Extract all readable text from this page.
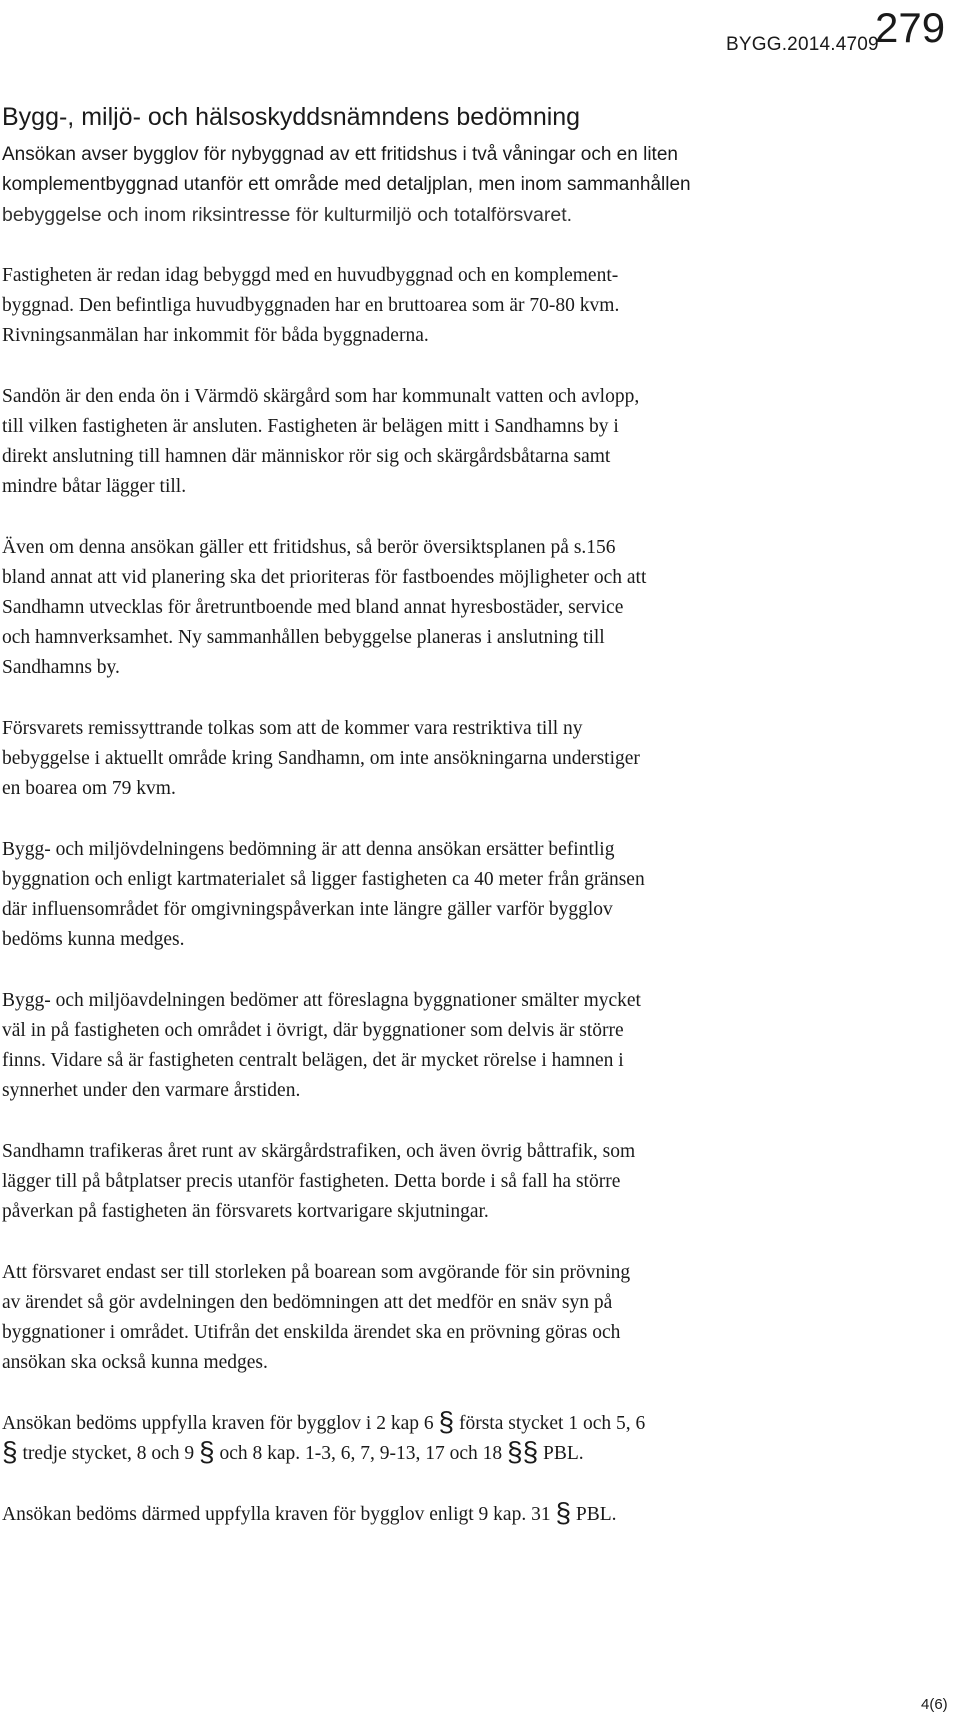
BYGG.2014.4709
279
Bygg-, miljö- och hälsoskyddsnämndens bedömning

Ansökan avser bygglov för nybyggnad av ett fritidshus i två våningar och en liten
komplementbyggnad utanför ett område med detaljplan, men inom sammanhållen

bebyggelse och inom riksintresse för kulturmiljö och totalförsvaret.

Fastigheten är redan idag bebyggd med en huvudbyggnad och en komplement-
byggnad. Den befintliga huvudbyggnaden har en bruttoarea som är 70-80 kvm.
Rivningsanmälan har inkommit för båda byggnaderna.

Sandön är den enda ön i Värmdö skärgård som har kommunalt vatten och avlopp,
till vilken fastigheten är ansluten. Fastigheten är belägen mitt i Sandhamns by i
direkt anslutning till hamnen där människor rör sig och skärgårdsbåtarna samt
mindre båtar lägger till.

Även om denna ansökan gäller ett fritidshus, så berör översiktsplanen på s.156
bland annat att vid planering ska det prioriteras för fastboendes möjligheter och att
Sandhamn utvecklas för åretruntboende med bland annat hyresbostäder, service
och hamnverksamhet. Ny sammanhållen bebyggelse planeras i anslutning till
Sandhamns by.

Försvarets remissyttrande tolkas som att de kommer vara restriktiva till ny
bebyggelse i aktuellt område kring Sandhamn, om inte ansökningarna understiger
en boarea om 79 kvm.

Bygg- och miljövdelningens bedömning är att denna ansökan ersätter befintlig
byggnation och enligt kartmaterialet så ligger fastigheten ca 40 meter från gränsen
där influensområdet för omgivningspåverkan inte längre gäller varför bygglov
bedöms kunna medges.

Bygg- och miljöavdelningen bedömer att föreslagna byggnationer smälter mycket
väl in på fastigheten och området i övrigt, där byggnationer som delvis är större
finns. Vidare så är fastigheten centralt belägen, det är mycket rörelse i hamnen i
synnerhet under den varmare årstiden.

Sandhamn trafikeras året runt av skärgårdstrafiken, och även övrig båttrafik, som
lägger till på båtplatser precis utanför fastigheten. Detta borde i så fall ha större
påverkan på fastigheten än försvarets kortvarigare skjutningar.

Att försvaret endast ser till storleken på boarean som avgörande för sin prövning
av ärendet så gör avdelningen den bedömningen att det medför en snäv syn på
byggnationer i området. Utifrån det enskilda ärendet ska en prövning göras och
ansökan ska också kunna medges.

Ansökan bedöms uppfylla kraven för bygglov i 2 kap 6 § första stycket 1 och 5, 6
§ tredje stycket, 8 och 9 § och 8 kap. 1-3, 6, 7, 9-13, 17 och 18 §§ PBL.

Ansökan bedöms därmed uppfylla kraven för bygglov enligt 9 kap. 31 § PBL.

4(6)
